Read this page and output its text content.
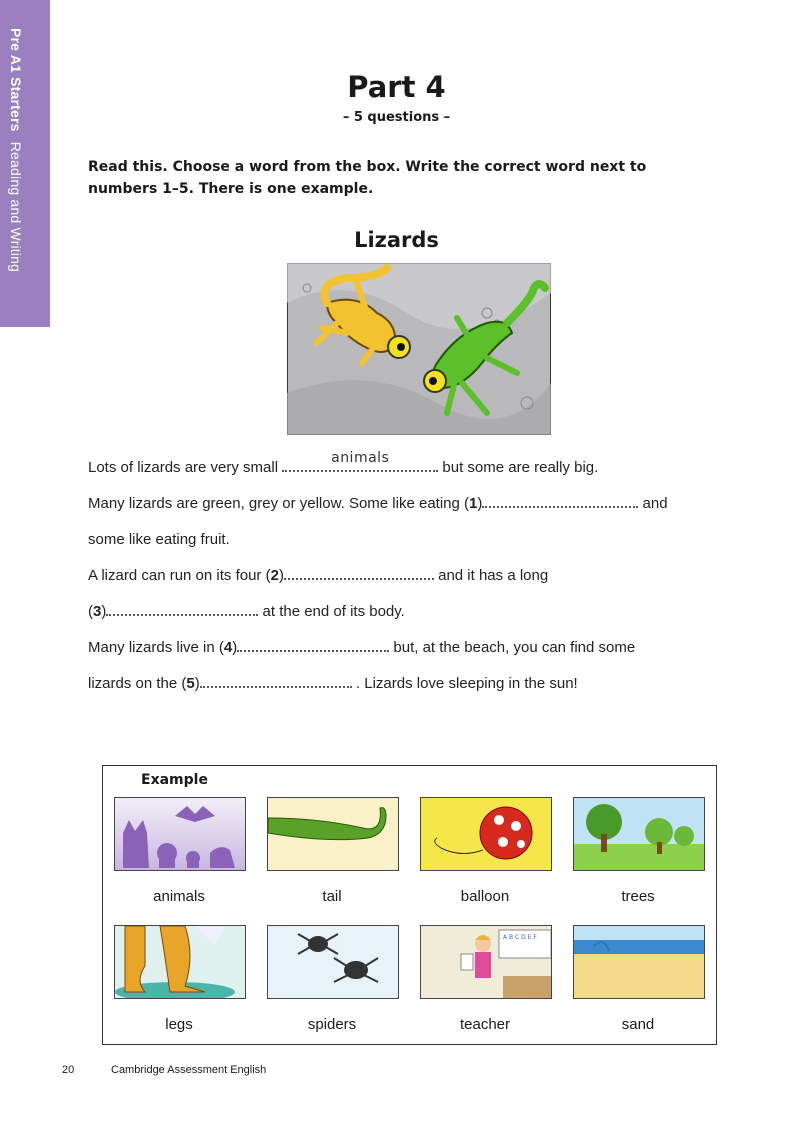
Pre A1 Starters Reading and Writing
Part 4
– 5 questions –
Read this. Choose a word from the box. Write the correct word next to numbers 1–5. There is one example.
Lizards
Lots of lizards are very small
animals
but some are really big.
Many lizards are green, grey or yellow. Some like eating (1)	and
some like eating fruit.
A lizard can run on its four (2)	and it has a long
(3)	at the end of its body.
Many lizards live in (4)	but, at the beach, you can find some
lizards on the (5)	. Lizards love sleeping in the sun!
Example
animals	tail	balloon	trees
A B C D E F
legs	spiders	teacher	sand
20	Cambridge Assessment English
